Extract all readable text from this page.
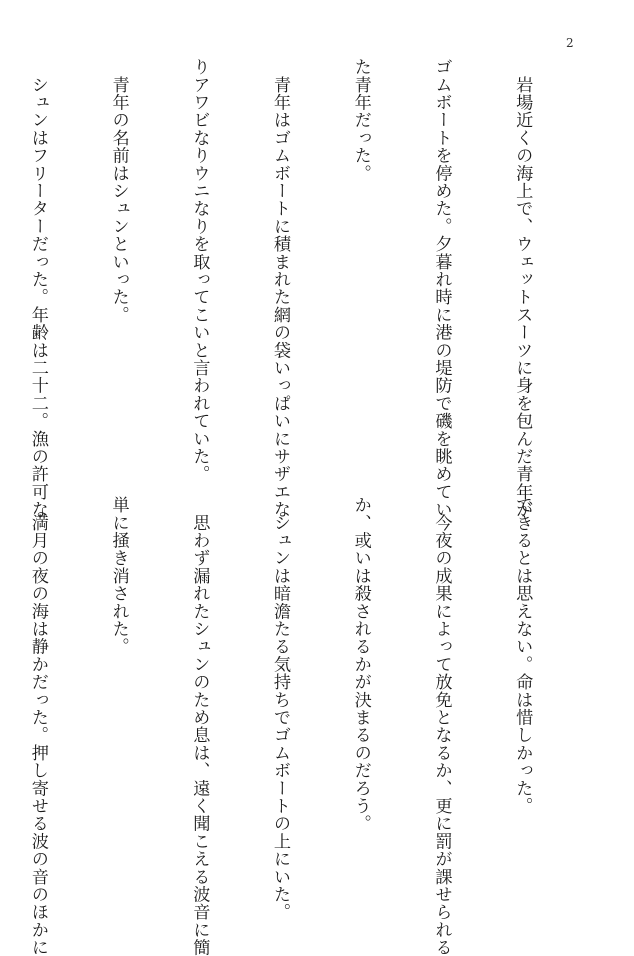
2

　岩場近くの海上で、ウェットスーツに身を包んだ青年が

ゴムボートを停めた。夕暮れ時に港の堤防で磯を眺めてい

た青年だった。

　青年はゴムボートに積まれた網の袋いっぱいにサザエな

りアワビなりウニなりを取ってこいと言われていた。

　青年の名前はシュンといった。

　シュンはフリーターだった。年齢は二十二。漁の許可な

できるとは思えない。命は惜しかった。

　今夜の成果によって放免となるか、更に罰が課せられる

か、或いは殺されるかが決まるのだろう。

　シュンは暗澹たる気持ちでゴムボートの上にいた。

　思わず漏れたシュンのため息は、遠く聞こえる波音に簡

単に掻き消された。

　満月の夜の海は静かだった。押し寄せる波の音のほかに
